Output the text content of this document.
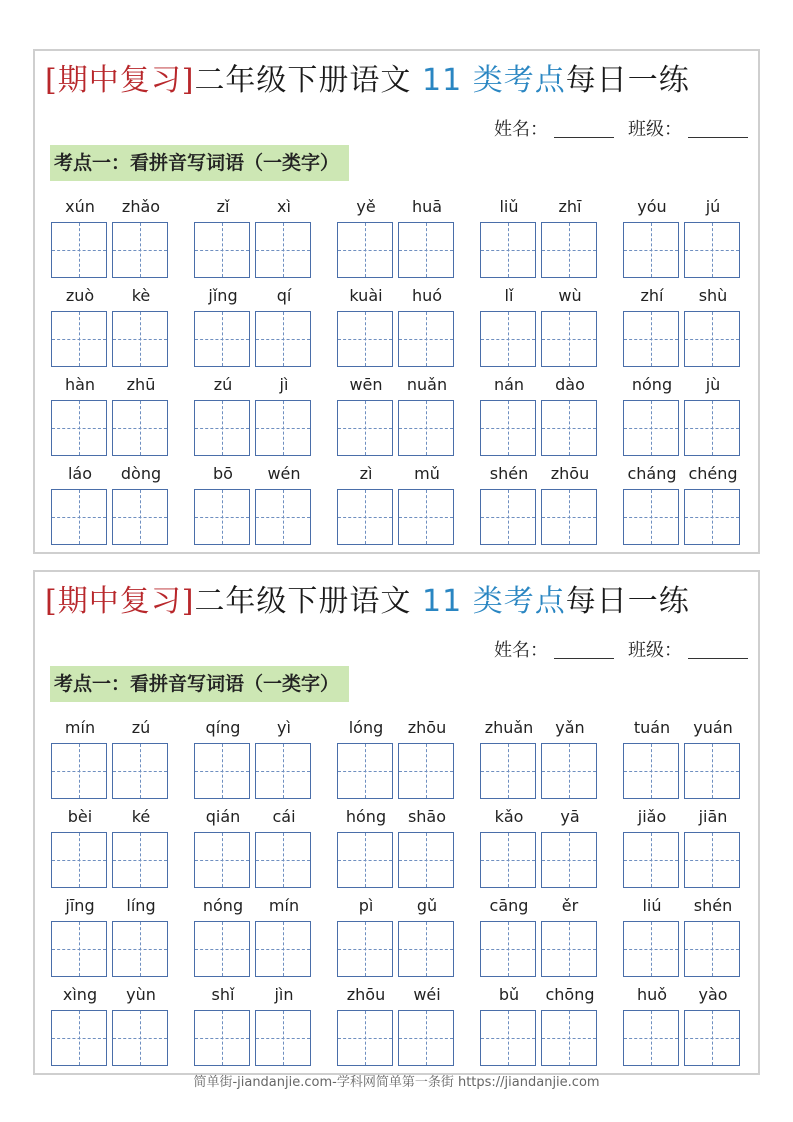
[期中复习]二年级下册语文 11 类考点每日一练
姓名：	班级：
考点一：看拼音写词语（一类字）
xún	zhǎo	zǐ	xì	yě	huā	liǔ	zhī	yóu	jú
zuò	kè	jǐng	qí	kuài	huó	lǐ	wù	zhí	shù
hàn	zhū	zú	jì	wēn	nuǎn	nán	dào	nóng	jù
láo	dòng	bō	wén	zì	mǔ	shén	zhōu	cháng chéng
[期中复习]二年级下册语文 11 类考点每日一练
姓名：	班级：
考点一：看拼音写词语（一类字）
mín	zú	qíng	yì	lóng	zhōu	zhuǎn	yǎn	tuán	yuán
bèi	ké	qián	cái	hóng	shāo	kǎo	yā	jiǎo	jiān
jīng	líng	nóng	mín	pì	gǔ	cāng	ěr	liú	shén
xìng	yùn	shǐ	jìn	zhōu	wéi	bǔ	chōng	huǒ	yào
简单街-jiandanjie.com-学科网简单第一条街 https://jiandanjie.com
